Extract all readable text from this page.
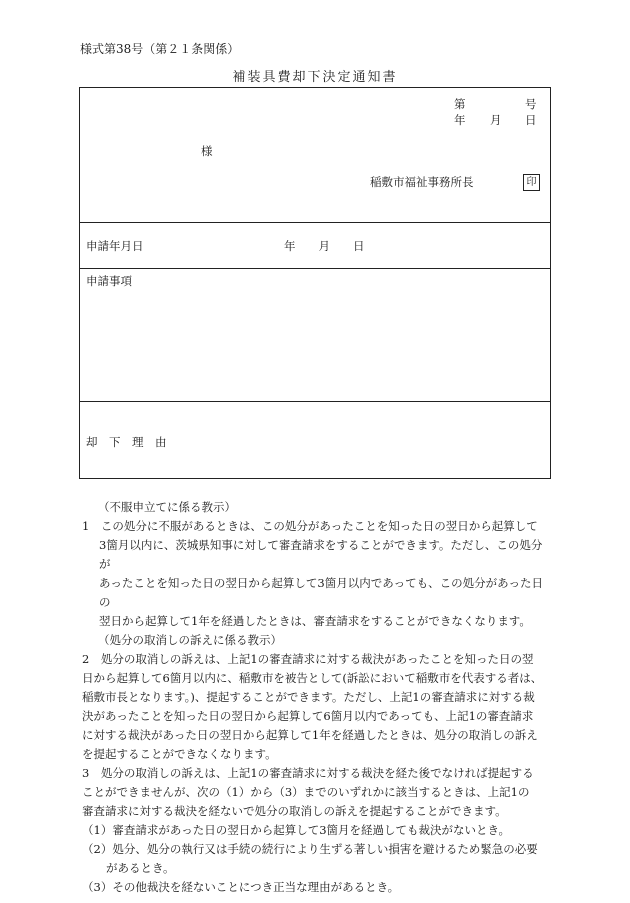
様式第38号（第２１条関係）
補装具費却下決定通知書
第	号
年 月 日
様
稲敷市福祉事務所長	印
申請年月日	年　　月　　日
申請事項
却　下　理　由

（不服申立てに係る教示）

1　この処分に不服があるときは、この処分があったことを知った日の翌日から起算して
3箇月以内に、茨城県知事に対して審査請求をすることができます。ただし、この処分が
あったことを知った日の翌日から起算して3箇月以内であっても、この処分があった日の
翌日から起算して1年を経過したときは、審査請求をすることができなくなります。

（処分の取消しの訴えに係る教示）

2　処分の取消しの訴えは、上記1の審査請求に対する裁決があったことを知った日の翌
日から起算して6箇月以内に、稲敷市を被告として(訴訟において稲敷市を代表する者は、
稲敷市長となります。)、提起することができます。ただし、上記1の審査請求に対する裁
決があったことを知った日の翌日から起算して6箇月以内であっても、上記1の審査請求
に対する裁決があった日の翌日から起算して1年を経過したときは、処分の取消しの訴え
を提起することができなくなります。

3　処分の取消しの訴えは、上記1の審査請求に対する裁決を経た後でなければ提起する
ことができませんが、次の（1）から（3）までのいずれかに該当するときは、上記1の
審査請求に対する裁決を経ないで処分の取消しの訴えを提起することができます。

（1）審査請求があった日の翌日から起算して3箇月を経過しても裁決がないとき。

（2）処分、処分の執行又は手続の続行により生ずる著しい損害を避けるため緊急の必要
があるとき。

（3）その他裁決を経ないことにつき正当な理由があるとき。
